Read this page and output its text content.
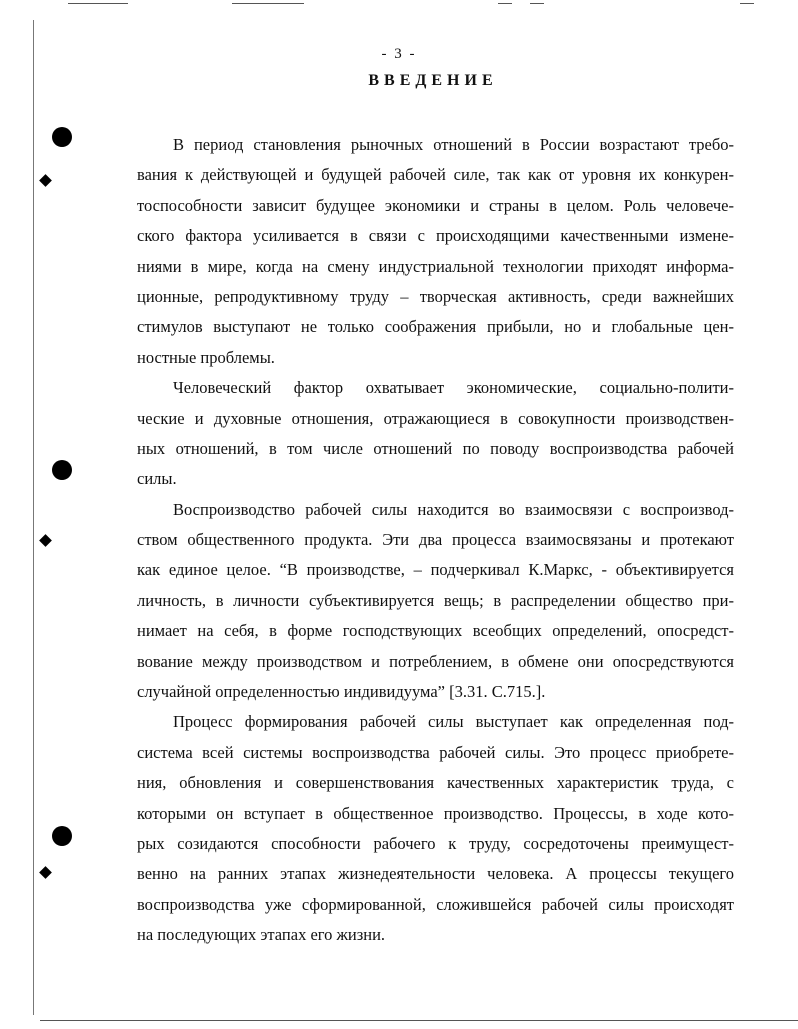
- 3 -
ВВЕДЕНИЕ
В период становления рыночных отношений в России возрастают требо-
вания к действующей и будущей рабочей силе, так как от уровня их конкурен-
тоспособности зависит будущее экономики и страны в целом. Роль человече-
ского фактора усиливается в связи с происходящими качественными измене-
ниями в мире, когда на смену индустриальной технологии приходят информа-
ционные, репродуктивному труду – творческая активность, среди важнейших
стимулов выступают не только соображения прибыли, но и глобальные цен-
ностные проблемы.
Человеческий фактор охватывает экономические, социально-полити-
ческие и духовные отношения, отражающиеся в совокупности производствен-
ных отношений, в том числе отношений по поводу воспроизводства рабочей
силы.
Воспроизводство рабочей силы находится во взаимосвязи с воспроизвод-
ством общественного продукта. Эти два процесса взаимосвязаны и протекают
как единое целое. “В производстве, – подчеркивал К.Маркс, - объективируется
личность, в личности субъективируется вещь; в распределении общество при-
нимает на себя, в форме господствующих всеобщих определений, опосредст-
вование между производством и потреблением, в обмене они опосредствуются
случайной определенностью индивидуума” [3.31. С.715.].
Процесс формирования рабочей силы выступает как определенная под-
система всей системы воспроизводства рабочей силы. Это процесс приобрете-
ния, обновления и совершенствования качественных характеристик труда, с
которыми он вступает в общественное производство. Процессы, в ходе кото-
рых созидаются способности рабочего к труду, сосредоточены преимущест-
венно на ранних этапах жизнедеятельности человека. А процессы текущего
воспроизводства уже сформированной, сложившейся рабочей силы происходят
на последующих этапах его жизни.
